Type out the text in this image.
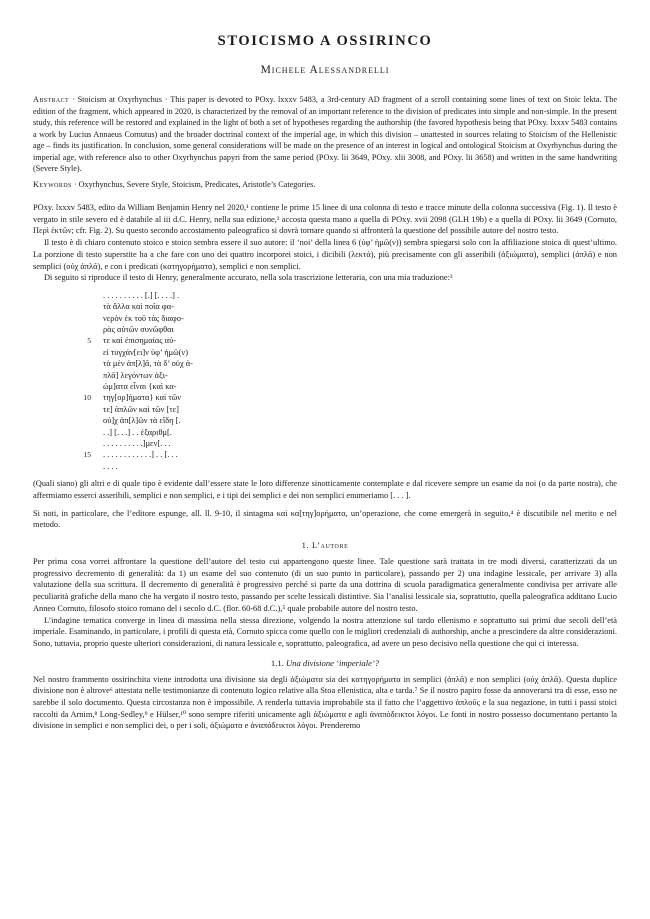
STOICISMO A OSSIRINCO
Michele Alessandrelli
Abstract · Stoicism at Oxyrhynchus · This paper is devoted to POxy. lxxxv 5483, a 3rd-century AD fragment of a scroll containing some lines of text on Stoic lekta. The edition of the fragment, which appeared in 2020, is characterized by the removal of an important reference to the division of predicates into simple and non-simple. In the present study, this reference will be restored and explained in the light of both a set of hypotheses regarding the authorship (the favored hypothesis being that POxy. lxxxv 5483 contains a work by Lucius Annaeus Cornutus) and the broader doctrinal context of the imperial age, in which this division – unattested in sources relating to Stoicism of the Hellenistic age – finds its justification. In conclusion, some general considerations will be made on the presence of an interest in logical and ontological Stoicism at Oxyrhynchus during the imperial age, with reference also to other Oxyrhynchus papyri from the same period (POxy. lii 3649, POxy. xlii 3008, and POxy. lii 3658) and written in the same handwriting (Severe Style).
Keywords · Oxyrhynchus, Severe Style, Stoicism, Predicates, Aristotle’s Categories.

POxy. lxxxv 5483, edito da William Benjamin Henry nel 2020,¹ contiene le prime 15 linee di una colonna di testo e tracce minute della colonna successiva (Fig. 1). Il testo è vergato in stile severo ed è databile al iii d.C. Henry, nella sua edizione,² accosta questa mano a quella di POxy. xvii 2098 (GLH 19b) e a quella di POxy. lii 3649 (Cornuto, Περὶ ἑκτῶν; cfr. Fig. 2). Su questo secondo accostamento paleografico si dovrà tornare quando si affronterà la questione del possibile autore del nostro testo.

Il testo è di chiaro contenuto stoico e stoico sembra essere il suo autore: il ‘noi’ della linea 6 (ὑφ’ ἡμῶ(ν)) sembra spiegarsi solo con la affiliazione stoica di quest’ultimo. La porzione di testo superstite ha a che fare con uno dei quattro incorporei stoici, i dicibili (λεκτά), più precisamente con gli asseribili (ἀξιώματα), semplici (ἁπλᾶ) e non semplici (οὐχ ἁπλᾶ), e con i predicati (κατηγορήματα), semplici e non semplici.

Di seguito si riproduce il testo di Henry, generalmente accurato, nella sola trascrizione letteraria, con una mia traduzione:³

. . . . . . . . . . [.] [. . . .] .
τὰ ἄλλα καὶ ποῖα φα-
νερὸν ἐκ τοῦ τὰς διαφο-
ρὰς αὐτῶν συνῶφθαι
5 τε καὶ ἐπισημαίας αὐ-
εἰ τυγχάν[ει]ν ὑφ’ ἡμῶ(ν)
τὰ μὲν ἀπ[λ]ᾶ, τὰ δ’ οὐχ ἁ-
πλᾶ] λεγόντων ἀξι-
ώμ]ατα εἶναι {καὶ κα-
10 τηγ[ορ]ήματα} καὶ τῶν
τε] ἁπλῶν καὶ τῶν [τε]
οὐ]χ ἁπ[λ]ῶν τὰ εἴδη [.
. .] [. . .] . . ἐξαριθμ[.
. . . . . . . . . .]μεν[. . .
15 . . . . . . . . . . . .] . . [. . .
. . . .

(Quali siano) gli altri e di quale tipo è evidente dall’essere state le loro differenze sinotticamente contemplate e dal ricevere sempre un esame da noi (o da parte nostra), che affermiamo esserci asseribili, semplici e non semplici, e i tipi dei semplici e dei non semplici enumeriamo [. . . ].

Si noti, in particolare, che l’editore espunge, all. ll. 9-10, il sintagma καὶ κα[τηγ]ορήματα, un’operazione, che come emergerà in seguito,⁴ è discutibile nel merito e nel metodo.

1. L’autore

Per prima cosa vorrei affrontare la questione dell’autore del testo cui appartengono queste linee. Tale questione sarà trattata in tre modi diversi, caratterizzati da un progressivo decremento di generalità: da 1) un esame del suo contenuto (di un suo punto in particolare), passando per 2) una indagine lessicale, per arrivare 3) alla valutazione della sua scrittura. Il decremento di generalità è progressivo perché si parte da una dottrina di scuola paradigmatica generalmente condivisa per arrivare alle peculiarità grafiche della mano che ha vergato il nostro testo, passando per scelte lessicali distintive. Sia l’analisi lessicale sia, soprattutto, quella paleografica additano Lucio Anneo Cornuto, filosofo stoico romano del i secolo d.C. (flor. 60-68 d.C.),⁵ quale probabile autore del nostro testo.

L’indagine tematica converge in linea di massima nella stessa direzione, volgendo la nostra attenzione sul tardo ellenismo e soprattutto sui primi due secoli dell’età imperiale. Esaminando, in particolare, i profili di questa età, Cornuto spicca come quello con le migliori credenziali di authorship, anche a prescindere da altre considerazioni. Sono, tuttavia, proprio queste ulteriori considerazioni, di natura lessicale e, soprattutto, paleografica, ad avere un peso decisivo nella questione che qui ci interessa.

1.1. Una divisione ‘imperiale’?

Nel nostro frammento ossirinchita viene introdotta una divisione sia degli ἀξιώματα sia dei κατηγορήματα in semplici (ἁπλᾶ) e non semplici (οὐχ ἁπλᾶ). Questa duplice divisione non è altrove⁶ attestata nelle testimonianze di contenuto logico relative alla Stoa ellenistica, alta e tarda.⁷ Se il nostro papiro fosse da annoverarsi tra di esse, esso ne sarebbe il solo documento. Questa circostanza non è impossibile. A renderla tuttavia improbabile sta il fatto che l’aggettivo ἁπλοῦς e la sua negazione, in tutti i passi stoici raccolti da Arnim,⁸ Long-Sedley,⁹ e Hülser,¹⁰ sono sempre riferiti unicamente agli ἀξιώματα e agli ἀναπόδεικτοι λόγοι. Le fonti in nostro possesso documentano pertanto la divisione in semplici e non semplici dei, o per i soli, ἀξιώματα e ἀναπόδεικτοι λόγοι. Prenderemo
